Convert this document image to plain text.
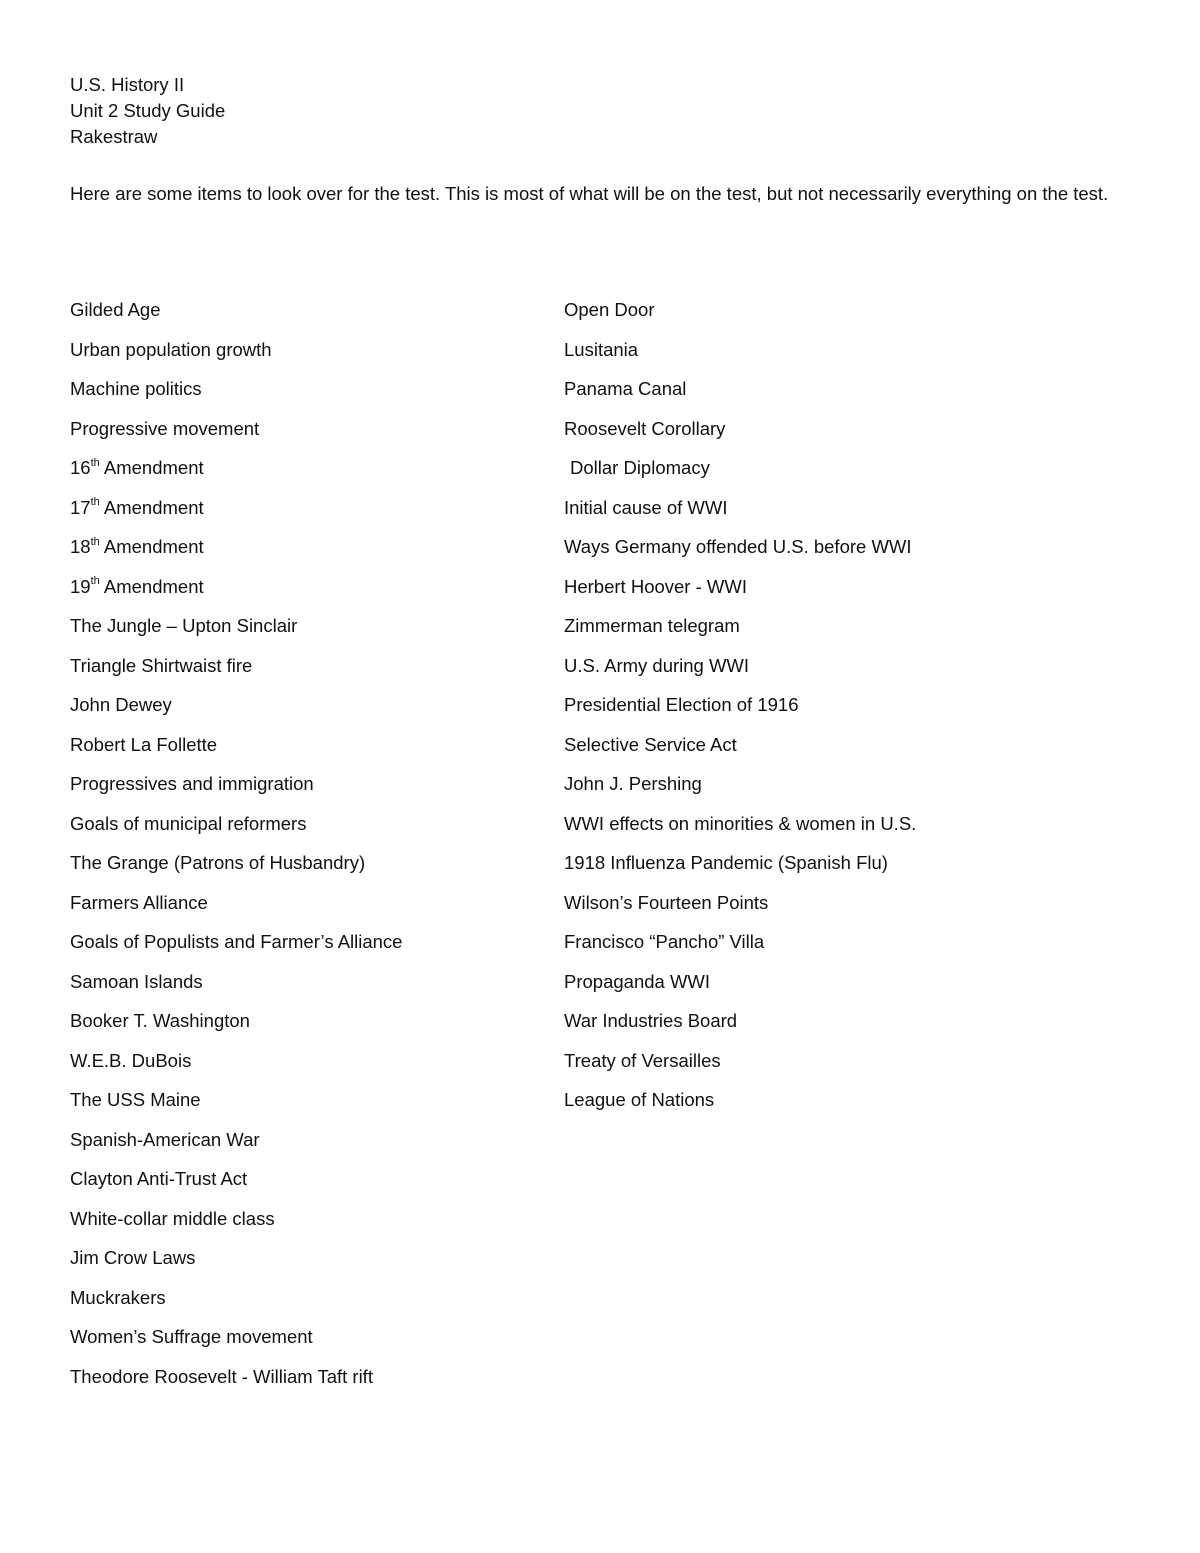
U.S. History II
Unit 2 Study Guide
Rakestraw
Here are some items to look over for the test. This is most of what will be on the test, but not necessarily everything on the test.
Gilded Age
Urban population growth
Machine politics
Progressive movement
16th Amendment
17th Amendment
18th Amendment
19th Amendment
The Jungle – Upton Sinclair
Triangle Shirtwaist fire
John Dewey
Robert La Follette
Progressives and immigration
Goals of municipal reformers
The Grange (Patrons of Husbandry)
Farmers Alliance
Goals of Populists and Farmer’s Alliance
Samoan Islands
Booker T. Washington
W.E.B. DuBois
The USS Maine
Spanish-American War
Clayton Anti-Trust Act
White-collar middle class
Jim Crow Laws
Muckrakers
Women’s Suffrage movement
Theodore Roosevelt - William Taft rift
Open Door
Lusitania
Panama Canal
Roosevelt Corollary
Dollar Diplomacy
Initial cause of WWI
Ways Germany offended U.S. before WWI
Herbert Hoover - WWI
Zimmerman telegram
U.S. Army during WWI
Presidential Election of 1916
Selective Service Act
John J. Pershing
WWI effects on minorities & women in U.S.
1918 Influenza Pandemic (Spanish Flu)
Wilson’s Fourteen Points
Francisco “Pancho” Villa
Propaganda WWI
War Industries Board
Treaty of Versailles
League of Nations
